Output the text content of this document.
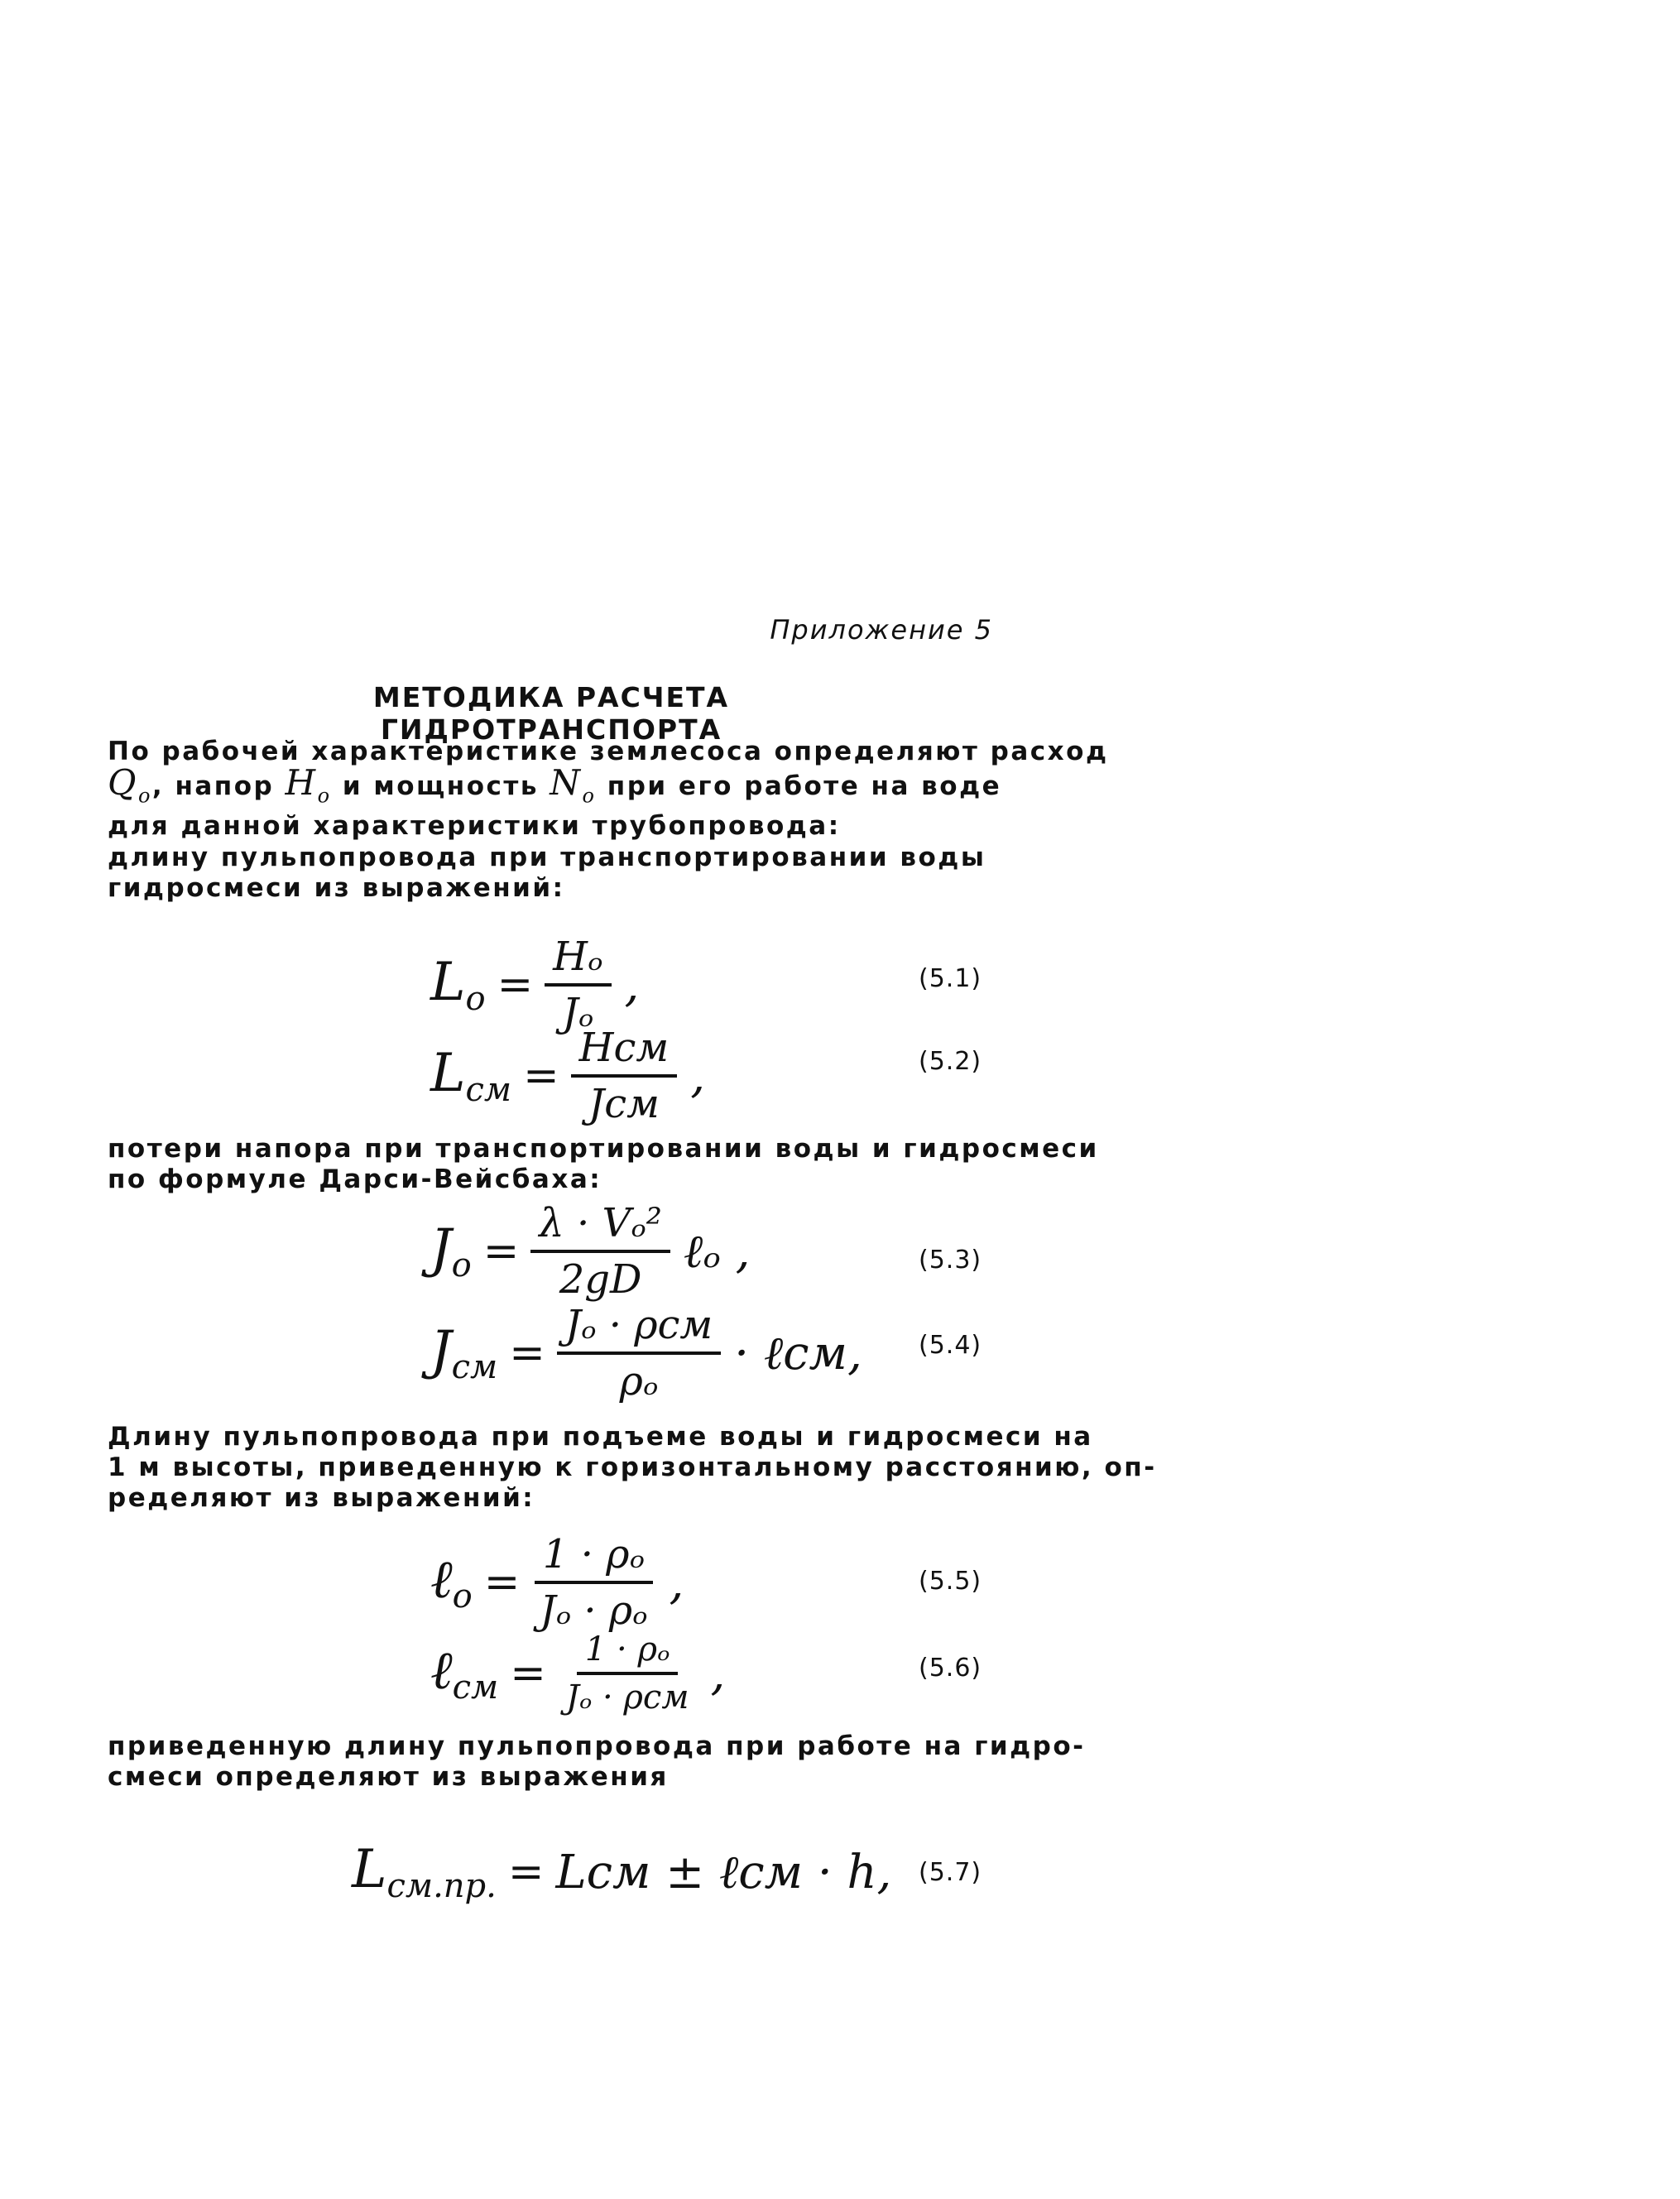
Приложение 5
МЕТОДИКА РАСЧЕТА ГИДРОТРАНСПОРТА
По рабочей характеристике землесоса определяют расход
$Q_o$, напор $H_o$ и мощность $N_o$ при его работе на воде
для данной характеристики трубопровода:
длину пульпопровода при транспортировании воды
гидросмеси из выражений:
$L_o = \frac{\text{Hₒ}}{\text{Jₒ}}$ ,	(5.1)
$L_{см} = \frac{\text{Hсм}}{\text{Jсм}}$ ,	(5.2)
потери напора при транспортировании воды и гидросмеси
по формуле Дарси-Вейсбаха:
$J_o = \frac{\text{λ · Vₒ²}}{2gD}$ ℓₒ ,	(5.3)
$J_{см} = \frac{\text{Jₒ · ρсм}}{\text{ρₒ}}$ · ℓсм, (5.4)
Длину пульпопровода при подъеме воды и гидросмеси на
1 м высоты, приведенную к горизонтальному расстоянию, оп-
ределяют из выражений:
ℓ$_o$ = $\frac{\text{1 · ρₒ}}{\text{Jₒ · ρₒ}}$ ,	(5.5)
ℓ$_{см}$ = $\frac{\text{1 · ρₒ}}{\text{Jₒ · ρсм}}$ ,	(5.6)
приведенную длину пульпопровода при работе на гидро-
смеси определяют из выражения
$L_{см.пр.}$ = Lсм ± ℓсм · h, (5.7)
